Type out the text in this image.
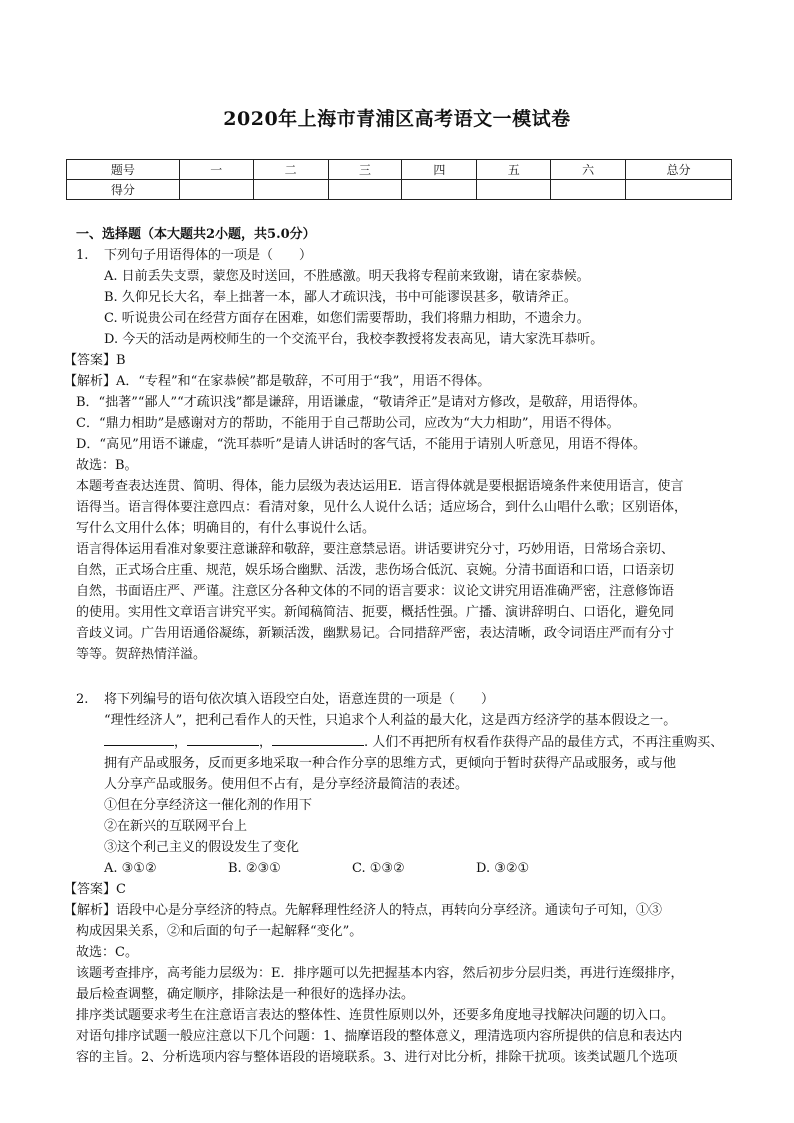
2020年上海市青浦区高考语文一模试卷
题号	一	二	三	四	五	六	总分
得分							
一、选择题（本大题共2小题，共5.0分）
1. 下列句子用语得体的一项是（　　）
A. 日前丢失支票，蒙您及时送回，不胜感激。明天我将专程前来致谢，请在家恭候。
B. 久仰兄长大名，奉上拙著一本，鄙人才疏识浅，书中可能谬误甚多，敬请斧正。
C. 听说贵公司在经营方面存在困难，如您们需要帮助，我们将鼎力相助，不遗余力。
D. 今天的活动是两校师生的一个交流平台，我校李教授将发表高见，请大家洗耳恭听。
【答案】B
【解析】A．“专程”和“在家恭候”都是敬辞，不可用于“我”，用语不得体。
B．“拙著”“鄙人”“才疏识浅”都是谦辞，用语谦虚，“敬请斧正”是请对方修改，是敬辞，用语得体。
C．“鼎力相助”是感谢对方的帮助，不能用于自己帮助公司，应改为“大力相助”，用语不得体。
D．“高见”用语不谦虚，“洗耳恭听”是请人讲话时的客气话，不能用于请别人听意见，用语不得体。
故选：B。
本题考查表达连贯、简明、得体，能力层级为表达运用E．语言得体就是要根据语境条件来使用语言，使言
语得当。语言得体要注意四点：看清对象，见什么人说什么话；适应场合，到什么山唱什么歌；区别语体，
写什么文用什么体；明确目的，有什么事说什么话。
语言得体运用看准对象要注意谦辞和敬辞，要注意禁忌语。讲话要讲究分寸，巧妙用语，日常场合亲切、
自然，正式场合庄重、规范，娱乐场合幽默、活泼，悲伤场合低沉、哀婉。分清书面语和口语，口语亲切
自然，书面语庄严、严谨。注意区分各种文体的不同的语言要求：议论文讲究用语准确严密，注意修饰语
的使用。实用性文章语言讲究平实。新闻稿简洁、扼要，概括性强。广播、演讲辞明白、口语化，避免同
音歧义词。广告用语通俗凝练，新颖活泼，幽默易记。合同措辞严密，表达清晰，政令词语庄严而有分寸
等等。贺辞热情洋溢。
2. 将下列编号的语句依次填入语段空白处，语意连贯的一项是（　　）
“理性经济人”，把利己看作人的天性，只追求个人利益的最大化，这是西方经济学的基本假设之一。
，	，	. 人们不再把所有权看作获得产品的最佳方式，不再注重购买、
拥有产品或服务，反而更多地采取一种合作分享的思维方式，更倾向于暂时获得产品或服务，或与他
人分享产品或服务。使用但不占有，是分享经济最简洁的表述。
①但在分享经济这一催化剂的作用下
②在新兴的互联网平台上
③这个利己主义的假设发生了变化
A. ③①②	B. ②③①	C. ①③②	D. ③②①
【答案】C
【解析】语段中心是分享经济的特点。先解释理性经济人的特点，再转向分享经济。通读句子可知，①③
构成因果关系，②和后面的句子一起解释“变化”。
故选：C。
该题考查排序，高考能力层级为：E．排序题可以先把握基本内容，然后初步分层归类，再进行连缀排序，
最后检查调整，确定顺序，排除法是一种很好的选择办法。
排序类试题要求考生在注意语言表达的整体性、连贯性原则以外，还要多角度地寻找解决问题的切入口。
对语句排序试题一般应注意以下几个问题：1、揣摩语段的整体意义，理清选项内容所提供的信息和表达内
容的主旨。2、分析选项内容与整体语段的语境联系。3、进行对比分析，排除干扰项。该类试题几个选项
